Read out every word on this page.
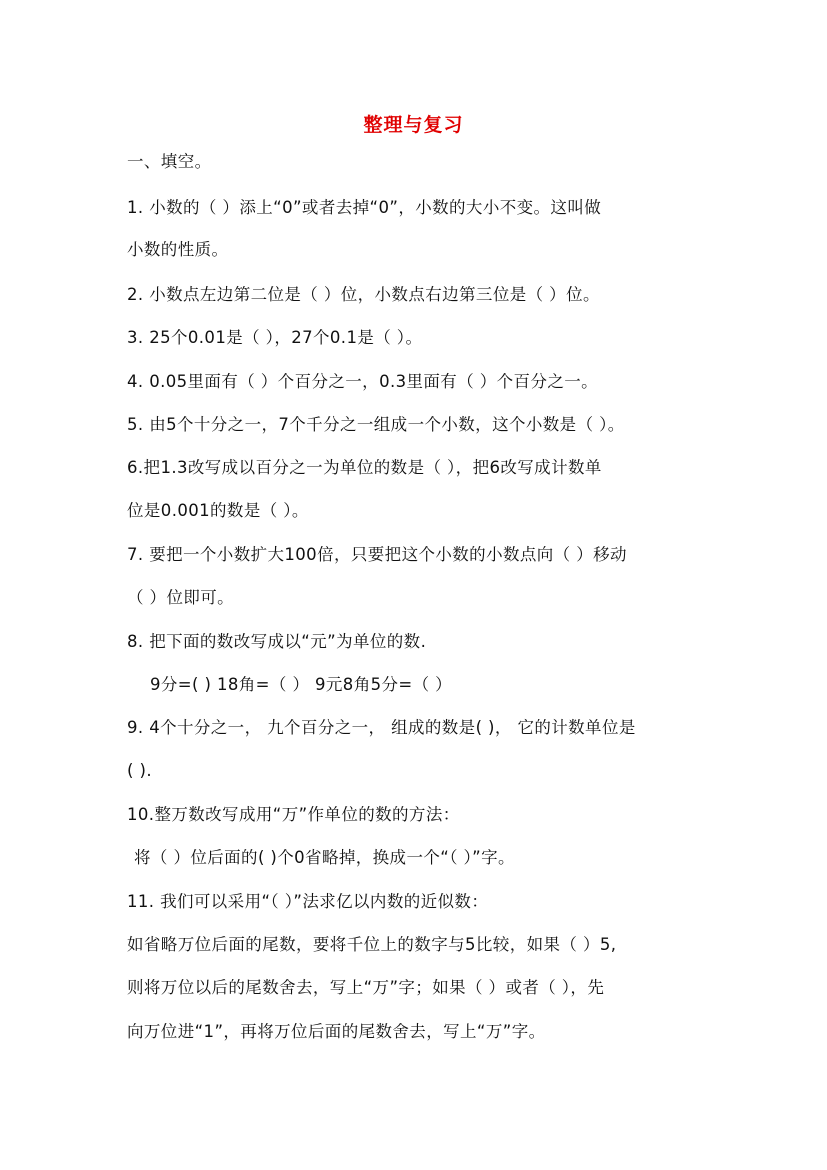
整理与复习
一、填空。
1. 小数的（ ）添上“0”或者去掉“0”，小数的大小不变。这叫做
小数的性质。
2. 小数点左边第二位是（ ）位，小数点右边第三位是（ ）位。
3. 25个0.01是（ ），27个0.1是（ ）。
4. 0.05里面有（ ）个百分之一，0.3里面有（ ）个百分之一。
5. 由5个十分之一，7个千分之一组成一个小数，这个小数是（ ）。
6.把1.3改写成以百分之一为单位的数是（ ），把6改写成计数单
位是0.001的数是（ ）。
7. 要把一个小数扩大100倍，只要把这个小数的小数点向（ ）移动
（ ）位即可。
8. 把下面的数改写成以“元”为单位的数.
9分=( ) 18角=（ ） 9元8角5分=（ ）
9. 4个十分之一， 九个百分之一， 组成的数是( )， 它的计数单位是
( ).
10.整万数改写成用“万”作单位的数的方法：
将（ ）位后面的( )个0省略掉，换成一个“（ ）”字。
11. 我们可以采用“（ ）”法求亿以内数的近似数：
如省略万位后面的尾数，要将千位上的数字与5比较，如果（ ）5,
则将万位以后的尾数舍去，写上“万”字；如果（ ）或者（ ），先
向万位进“1”，再将万位后面的尾数舍去，写上“万”字。
